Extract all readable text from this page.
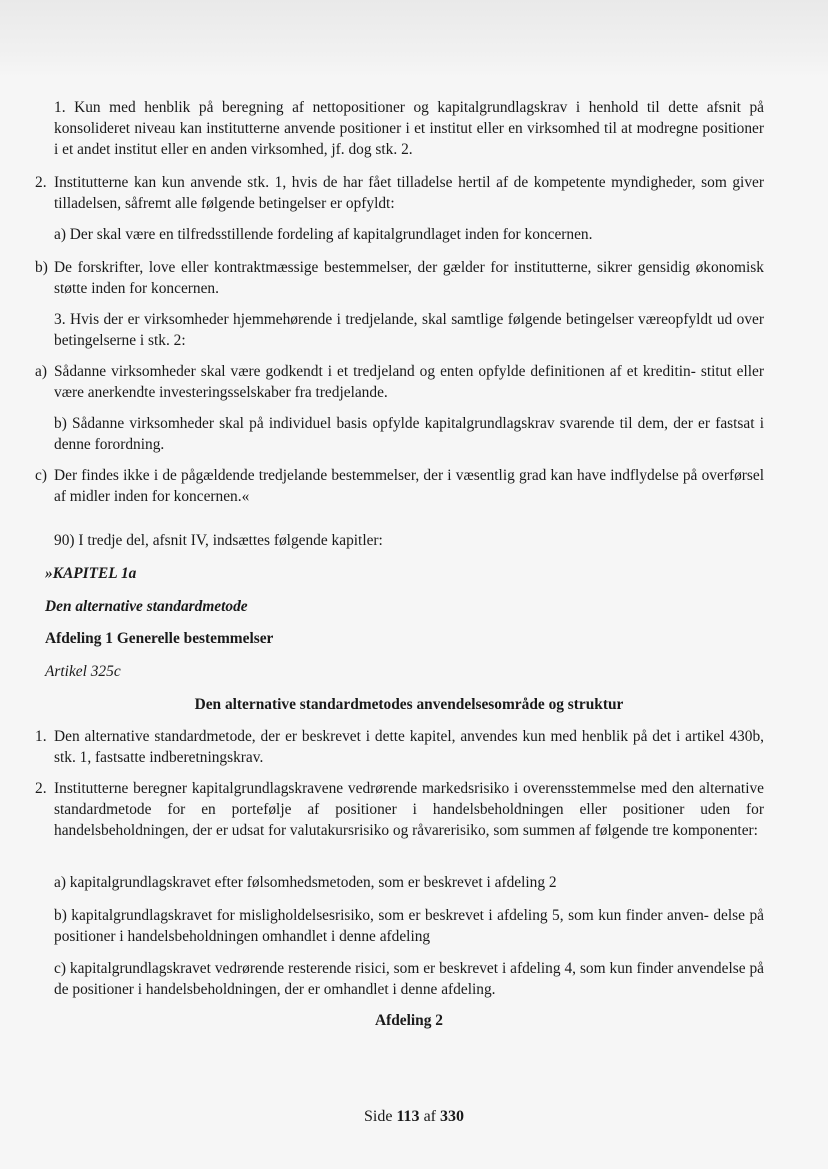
1. Kun med henblik på beregning af nettopositioner og kapitalgrundlagskrav i henhold til dette afsnit på konsolideret niveau kan institutterne anvende positioner i et institut eller en virksomhed til at modregne positioner i et andet institut eller en anden virksomhed, jf. dog stk. 2.

2. Institutterne kan kun anvende stk. 1, hvis de har fået tilladelse hertil af de kompetente myndigheder, som giver tilladelsen, såfremt alle følgende betingelser er opfyldt:

a) Der skal være en tilfredsstillende fordeling af kapitalgrundlaget inden for koncernen.

b) De forskrifter, love eller kontraktmæssige bestemmelser, der gælder for institutterne, sikrer gensidig økonomisk støtte inden for koncernen.

3. Hvis der er virksomheder hjemmehørende i tredjelande, skal samtlige følgende betingelser væreopfyldt ud over betingelserne i stk. 2:

a) Sådanne virksomheder skal være godkendt i et tredjeland og enten opfylde definitionen af et kreditin- stitut eller være anerkendte investeringsselskaber fra tredjelande.

b) Sådanne virksomheder skal på individuel basis opfylde kapitalgrundlagskrav svarende til dem, der er fastsat i denne forordning.

c) Der findes ikke i de pågældende tredjelande bestemmelser, der i væsentlig grad kan have indflydelse på overførsel af midler inden for koncernen.«

90) I tredje del, afsnit IV, indsættes følgende kapitler:

»KAPITEL 1a

Den alternative standardmetode

Afdeling 1 Generelle bestemmelser

Artikel 325c

Den alternative standardmetodes anvendelsesområde og struktur

1. Den alternative standardmetode, der er beskrevet i dette kapitel, anvendes kun med henblik på det i artikel 430b, stk. 1, fastsatte indberetningskrav.
2. Institutterne beregner kapitalgrundlagskravene vedrørende markedsrisiko i overensstemmelse med den alternative standardmetode for en portefølje af positioner i handelsbeholdningen eller positioner uden for handelsbeholdningen, der er udsat for valutakursrisiko og råvarerisiko, som summen af følgende tre komponenter:

a) kapitalgrundlagskravet efter følsomhedsmetoden, som er beskrevet i afdeling 2

b) kapitalgrundlagskravet for misligholdelsesrisiko, som er beskrevet i afdeling 5, som kun finder anven- delse på positioner i handelsbeholdningen omhandlet i denne afdeling

c) kapitalgrundlagskravet vedrørende resterende risici, som er beskrevet i afdeling 4, som kun finder anvendelse på de positioner i handelsbeholdningen, der er omhandlet i denne afdeling.

Afdeling 2

Side 113 af 330
